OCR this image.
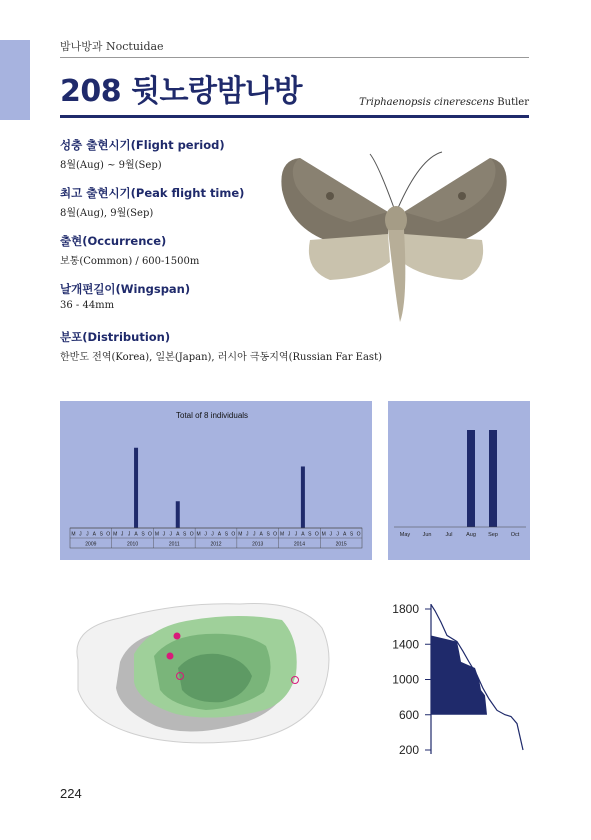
밤나방과 Noctuidae
208 뒷노랑밤나방	Triphaenopsis cinerescens Butler
성충 출현시기(Flight period)
8월(Aug) ~ 9월(Sep)
최고 출현시기(Peak flight time)
8월(Aug), 9월(Sep)
출현(Occurrence)
보통(Common) / 600-1500m
날개편길이(Wingspan)
36 - 44mm
분포(Distribution)
한반도 전역(Korea), 일본(Japan), 러시아 극동지역(Russian Far East)
Total of 8 individuals
M J J A S O
2009
M J J A S O
2010
M J J A S O
2011
M J J A S O
2012
M J J A S O
2013
M J J A S O
2014
M J J A S O
2015
May Jun	Jul Aug Sep Oct
1800
1400
1000
600
200
224
